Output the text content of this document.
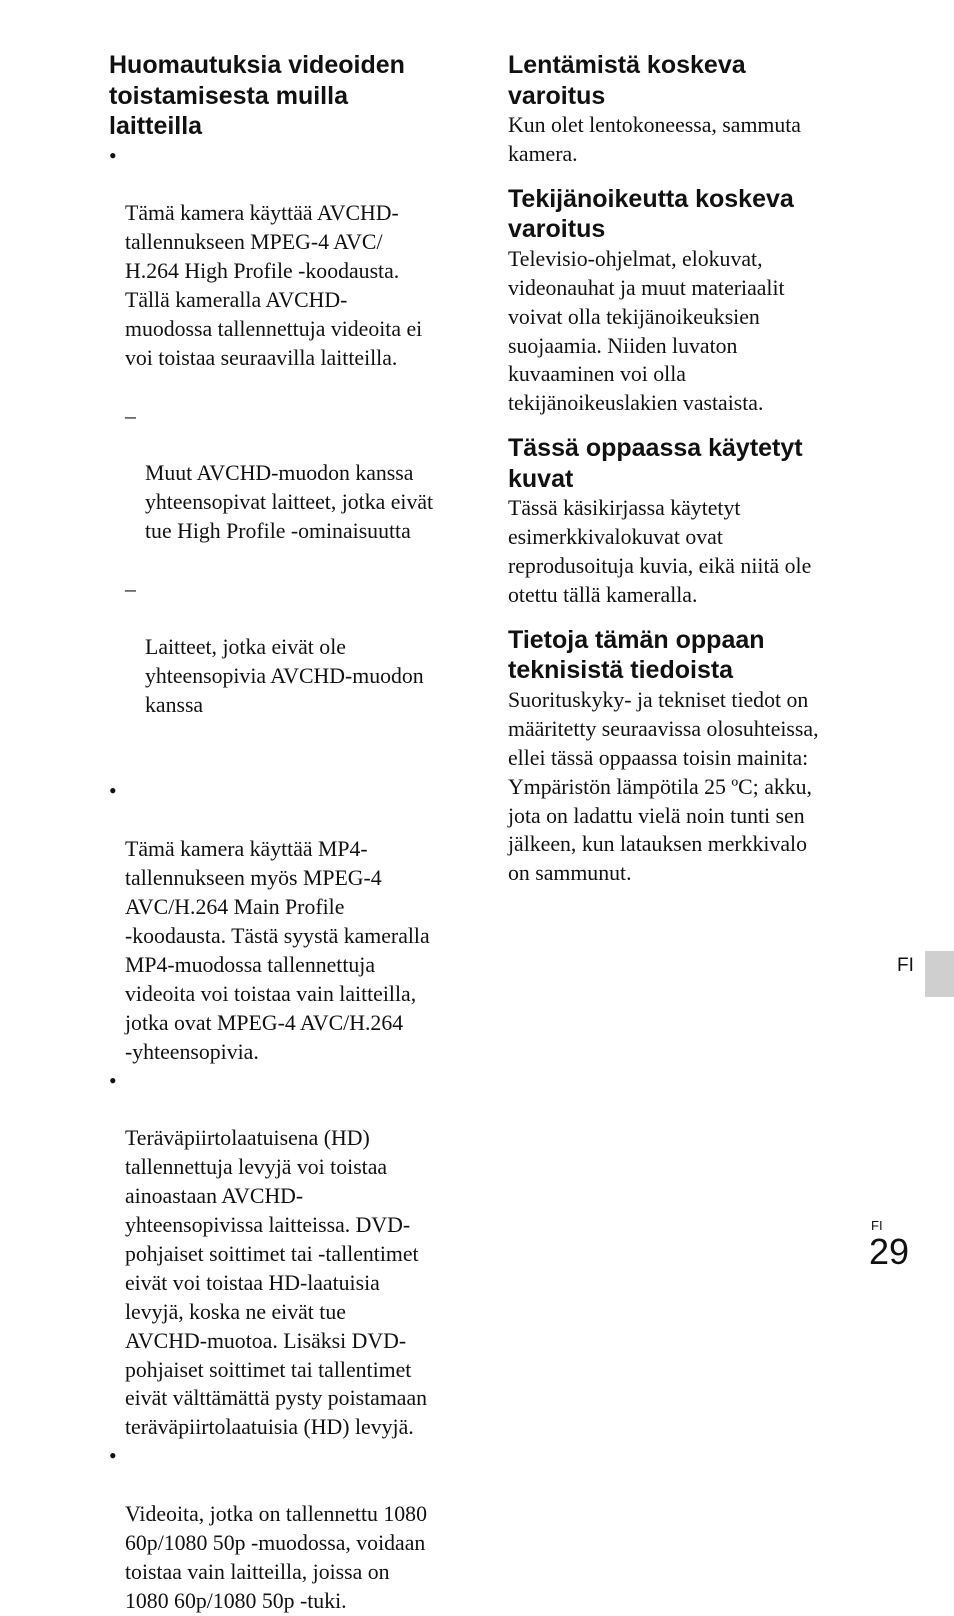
Huomautuksia videoiden
toistamisesta muilla
laitteilla

•

Tämä kamera käyttää AVCHD-
tallennukseen MPEG-4 AVC/
H.264 High Profile -koodausta.
Tällä kameralla AVCHD-
muodossa tallennettuja videoita ei
voi toistaa seuraavilla laitteilla.

–

Muut AVCHD-muodon kanssa
yhteensopivat laitteet, jotka eivät
tue High Profile -ominaisuutta

–

Laitteet, jotka eivät ole
yhteensopivia AVCHD-muodon
kanssa

•

Tämä kamera käyttää MP4-
tallennukseen myös MPEG-4
AVC/H.264 Main Profile
-koodausta. Tästä syystä kameralla
MP4-muodossa tallennettuja
videoita voi toistaa vain laitteilla,
jotka ovat MPEG-4 AVC/H.264
-yhteensopivia.

•

Teräväpiirtolaatuisena (HD)
tallennettuja levyjä voi toistaa
ainoastaan AVCHD-
yhteensopivissa laitteissa. DVD-
pohjaiset soittimet tai -tallentimet
eivät voi toistaa HD-laatuisia
levyjä, koska ne eivät tue
AVCHD-muotoa. Lisäksi DVD-
pohjaiset soittimet tai tallentimet
eivät välttämättä pysty poistamaan
teräväpiirtolaatuisia (HD) levyjä.

•

Videoita, jotka on tallennettu 1080
60p/1080 50p -muodossa, voidaan
toistaa vain laitteilla, joissa on
1080 60p/1080 50p -tuki.

Lentämistä koskeva
varoitus

Kun olet lentokoneessa, sammuta
kamera.

Tekijänoikeutta koskeva
varoitus

Televisio-ohjelmat, elokuvat,
videonauhat ja muut materiaalit
voivat olla tekijänoikeuksien
suojaamia. Niiden luvaton
kuvaaminen voi olla
tekijänoikeuslakien vastaista.

Tässä oppaassa käytetyt
kuvat

Tässä käsikirjassa käytetyt
esimerkkivalokuvat ovat
reprodusoituja kuvia, eikä niitä ole
otettu tällä kameralla.

Tietoja tämän oppaan
teknisistä tiedoista

Suorituskyky- ja tekniset tiedot on
määritetty seuraavissa olosuhteissa,
ellei tässä oppaassa toisin mainita:
Ympäristön lämpötila 25 ºC; akku,
jota on ladattu vielä noin tunti sen
jälkeen, kun latauksen merkkivalo
on sammunut.

FI
FI
29
